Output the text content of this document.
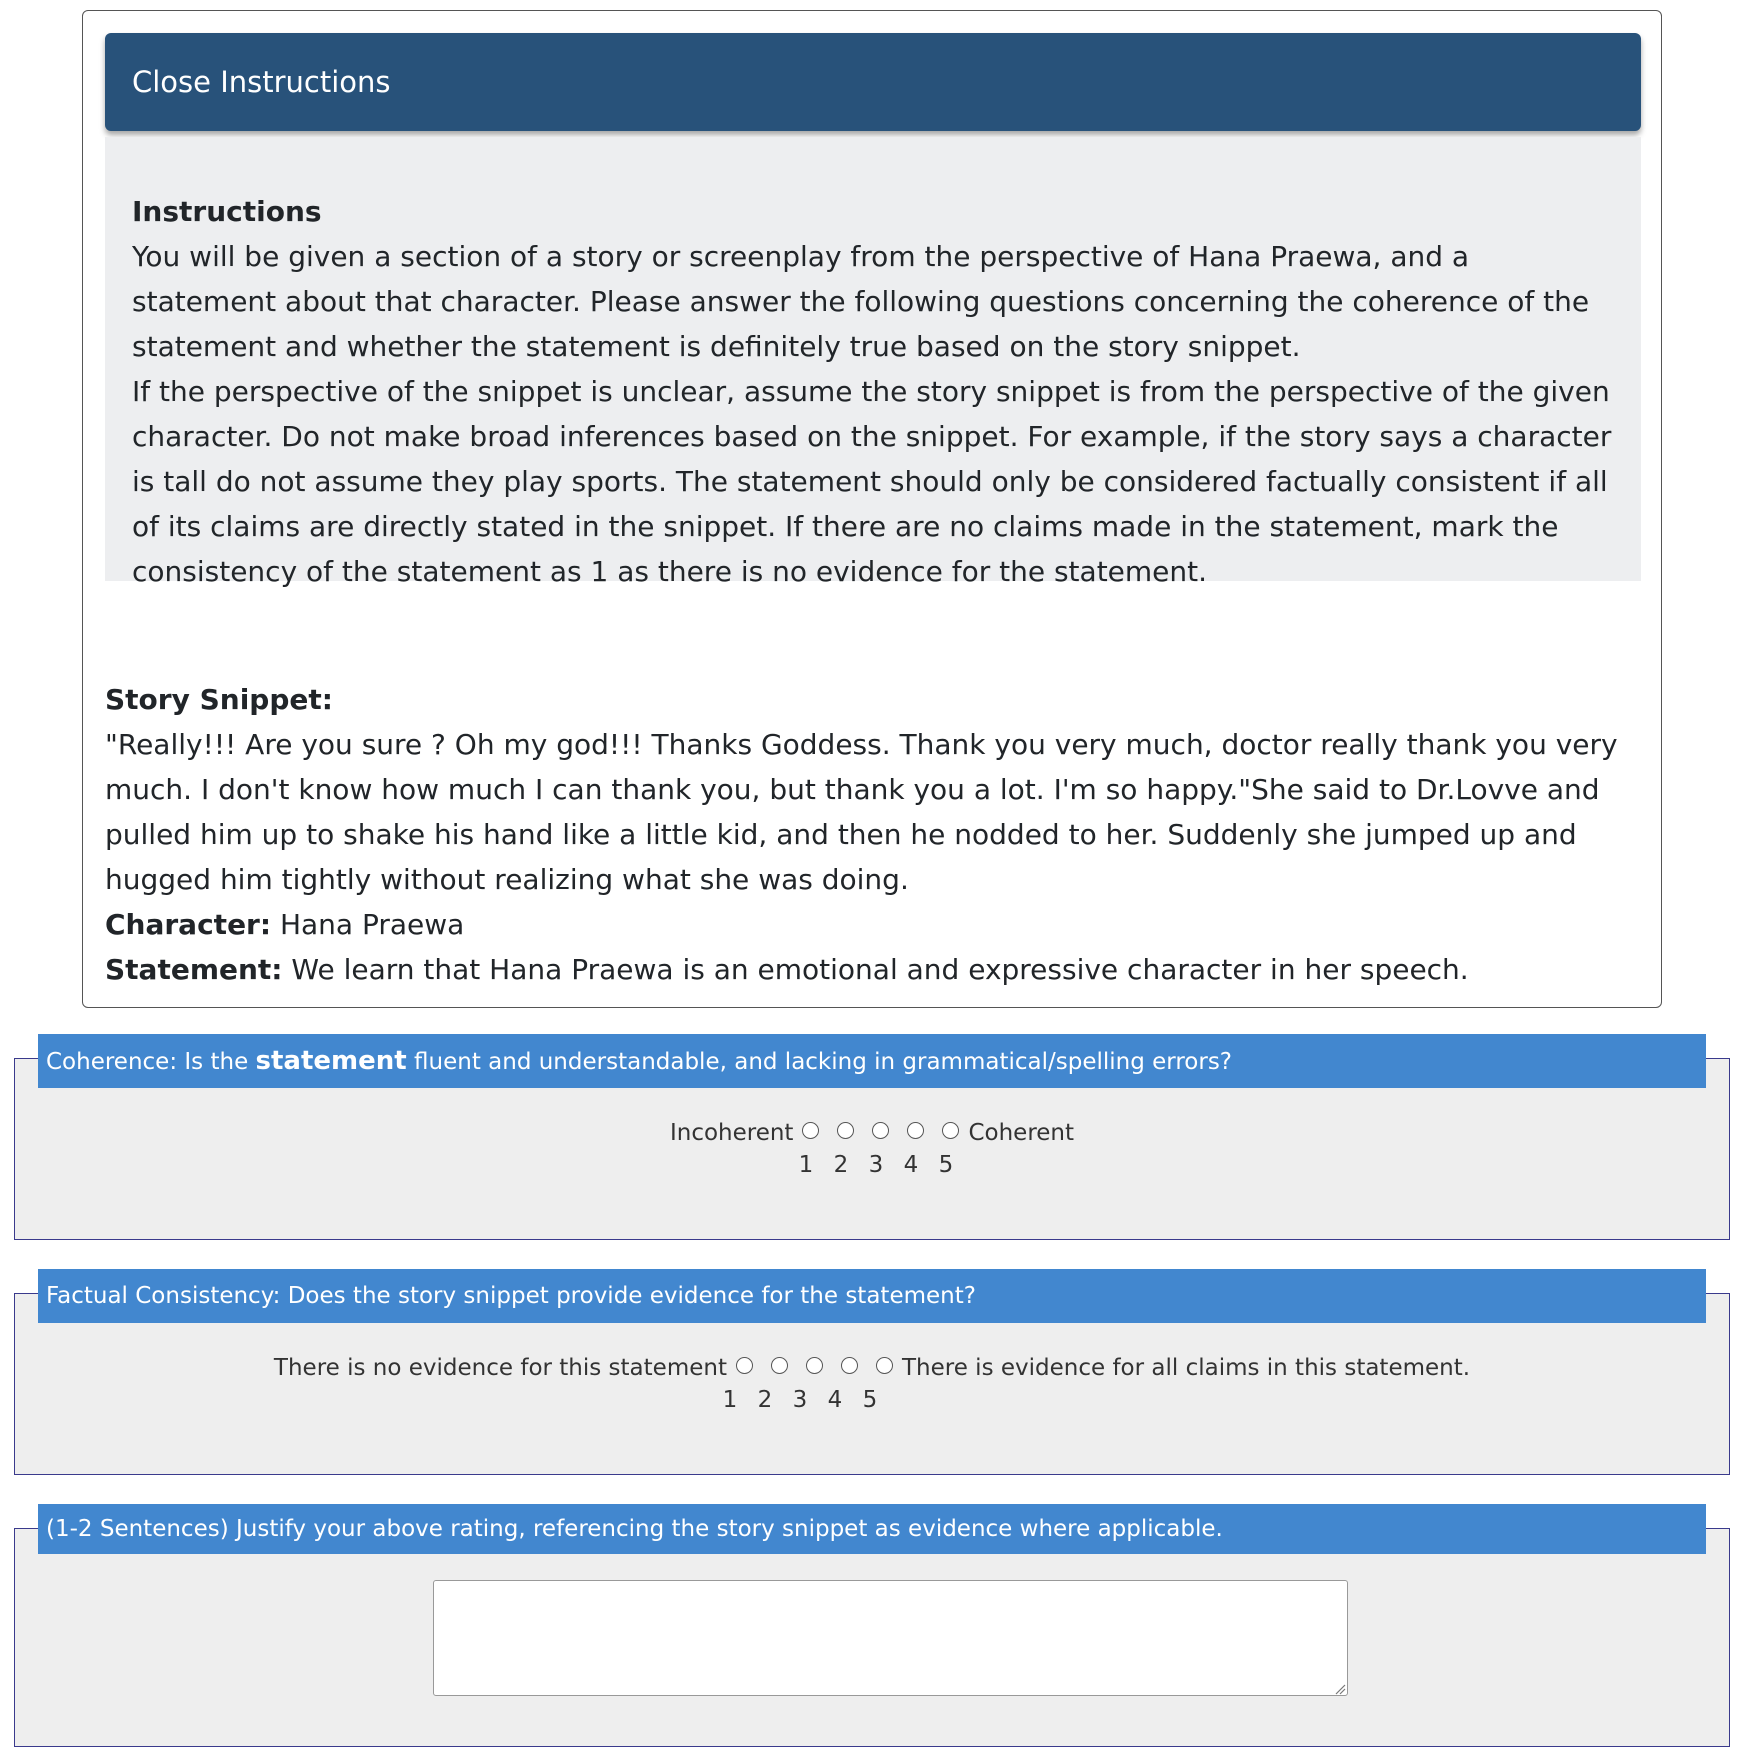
Close Instructions
Instructions
You will be given a section of a story or screenplay from the perspective of Hana Praewa, and a statement about that character. Please answer the following questions concerning the coherence of the statement and whether the statement is definitely true based on the story snippet.
If the perspective of the snippet is unclear, assume the story snippet is from the perspective of the given character. Do not make broad inferences based on the snippet. For example, if the story says a character is tall do not assume they play sports. The statement should only be considered factually consistent if all of its claims are directly stated in the snippet. If there are no claims made in the statement, mark the consistency of the statement as 1 as there is no evidence for the statement.
Story Snippet:
"Really!!! Are you sure ? Oh my god!!! Thanks Goddess. Thank you very much, doctor really thank you very much. I don't know how much I can thank you, but thank you a lot. I'm so happy."She said to Dr.Lovve and pulled him up to shake his hand like a little kid, and then he nodded to her. Suddenly she jumped up and hugged him tightly without realizing what she was doing.
Character: Hana Praewa
Statement: We learn that Hana Praewa is an emotional and expressive character in her speech.
Coherence: Is the statement fluent and understandable, and lacking in grammatical/spelling errors?
Incoherent	Coherent
1 2 3 4 5
Factual Consistency: Does the story snippet provide evidence for the statement?
There is no evidence for this statement	There is evidence for all claims in this statement.
1 2 3 4 5
(1-2 Sentences) Justify your above rating, referencing the story snippet as evidence where applicable.
